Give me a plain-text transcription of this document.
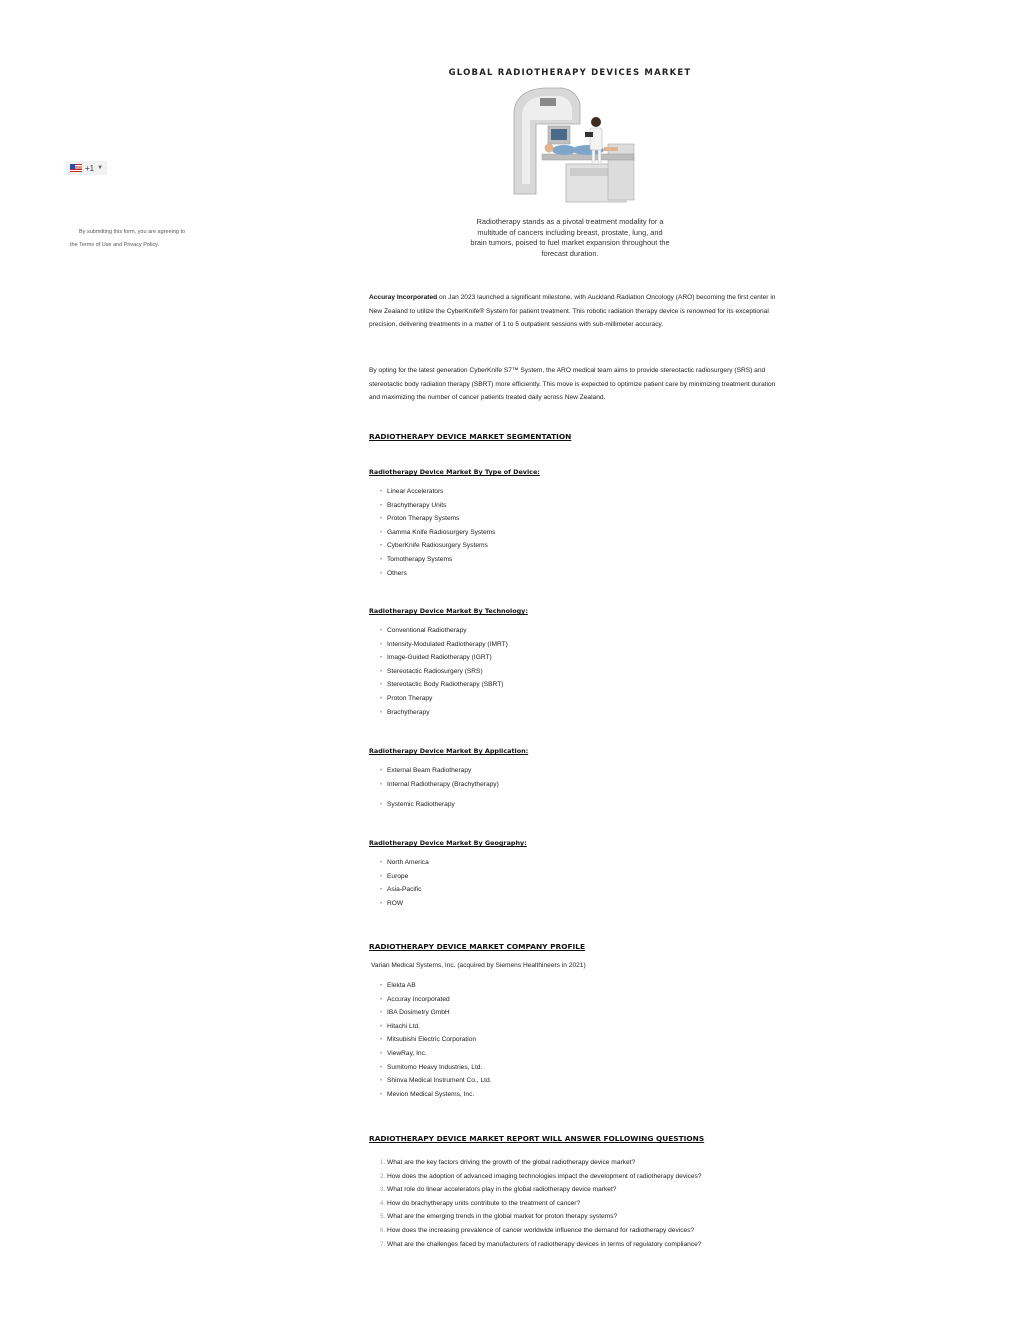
+1 ▼
By submitting this form, you are agreeing to
the Terms of Use and Privacy Policy.
GLOBAL RADIOTHERAPY DEVICES MARKET

Radiotherapy stands as a pivotal treatment modality for a multitude of cancers including breast, prostate, lung, and brain tumors, poised to fuel market expansion throughout the forecast duration.

Accuray Incorporated on Jan 2023 launched a significant milestone, with Auckland Radiation Oncology (ARO) becoming the first center in New Zealand to utilize the CyberKnife® System for patient treatment. This robotic radiation therapy device is renowned for its exceptional precision, delivering treatments in a matter of 1 to 5 outpatient sessions with sub-millimeter accuracy.

By opting for the latest generation CyberKnife S7™ System, the ARO medical team aims to provide stereotactic radiosurgery (SRS) and stereotactic body radiation therapy (SBRT) more efficiently. This move is expected to optimize patient care by minimizing treatment duration and maximizing the number of cancer patients treated daily across New Zealand.

RADIOTHERAPY DEVICE MARKET SEGMENTATION
Radiotherapy Device Market By Type of Device:
• Linear Accelerators
• Brachytherapy Units
• Proton Therapy Systems
• Gamma Knife Radiosurgery Systems
• CyberKnife Radiosurgery Systems
• Tomotherapy Systems
• Others
Radiotherapy Device Market By Technology:
• Conventional Radiotherapy
• Intensity-Modulated Radiotherapy (IMRT)
• Image-Guided Radiotherapy (IGRT)
• Stereotactic Radiosurgery (SRS)
• Stereotactic Body Radiotherapy (SBRT)
• Proton Therapy
• Brachytherapy
Radiotherapy Device Market By Application:
• External Beam Radiotherapy
• Internal Radiotherapy (Brachytherapy)
• Systemic Radiotherapy
Radiotherapy Device Market By Geography:
• North America
• Europe
• Asia-Pacific
• ROW
RADIOTHERAPY DEVICE MARKET COMPANY PROFILE

Varian Medical Systems, Inc. (acquired by Siemens Healthineers in 2021)

• Elekta AB
• Accuray Incorporated
• IBA Dosimetry GmbH
• Hitachi Ltd.
• Mitsubishi Electric Corporation
• ViewRay, Inc.
• Sumitomo Heavy Industries, Ltd.
• Shinva Medical Instrument Co., Ltd.
• Mevion Medical Systems, Inc.
RADIOTHERAPY DEVICE MARKET REPORT WILL ANSWER FOLLOWING QUESTIONS
1. What are the key factors driving the growth of the global radiotherapy device market?
2. How does the adoption of advanced imaging technologies impact the development of radiotherapy devices?
3. What role do linear accelerators play in the global radiotherapy device market?
4. How do brachytherapy units contribute to the treatment of cancer?
5. What are the emerging trends in the global market for proton therapy systems?
6. How does the increasing prevalence of cancer worldwide influence the demand for radiotherapy devices?
7. What are the challenges faced by manufacturers of radiotherapy devices in terms of regulatory compliance?
